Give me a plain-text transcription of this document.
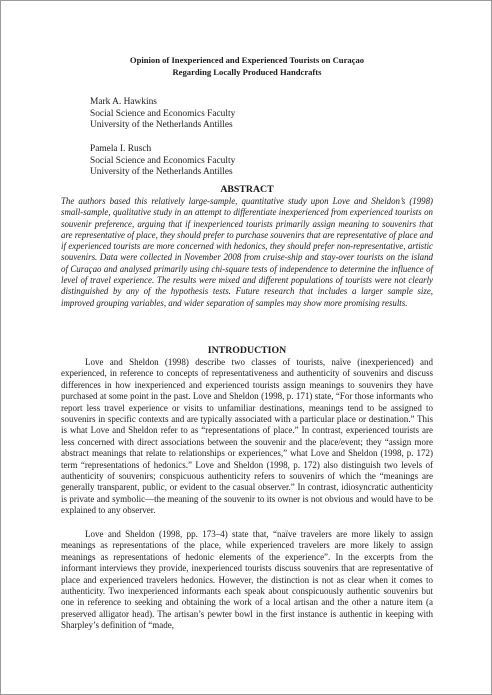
Opinion of Inexperienced and Experienced Tourists on Curaçao
Regarding Locally Produced Handcrafts
Mark A. Hawkins
Social Science and Economics Faculty
University of the Netherlands Antilles
Pamela I. Rusch
Social Science and Economics Faculty
University of the Netherlands Antilles
ABSTRACT
The authors based this relatively large-sample, quantitative study upon Love and Sheldon’s (1998) small-sample, qualitative study in an attempt to differentiate inexperienced from experienced tourists on souvenir preference, arguing that if inexperienced tourists primarily assign meaning to souvenirs that are representative of place, they should prefer to purchase souvenirs that are representative of place and if experienced tourists are more concerned with hedonics, they should prefer non-representative, artistic souvenirs. Data were collected in November 2008 from cruise-ship and stay-over tourists on the island of Curaçao and analysed primarily using chi-square tests of independence to determine the influence of level of travel experience. The results were mixed and different populations of tourists were not clearly distinguished by any of the hypothesis tests. Future research that includes a larger sample size, improved grouping variables, and wider separation of samples may show more promising results.
INTRODUCTION
Love and Sheldon (1998) describe two classes of tourists, naïve (inexperienced) and experienced, in reference to concepts of representativeness and authenticity of souvenirs and discuss differences in how inexperienced and experienced tourists assign meanings to souvenirs they have purchased at some point in the past. Love and Sheldon (1998, p. 171) state, “For those informants who report less travel experience or visits to unfamiliar destinations, meanings tend to be assigned to souvenirs in specific contexts and are typically associated with a particular place or destination.” This is what Love and Sheldon refer to as “representations of place.” In contrast, experienced tourists are less concerned with direct associations between the souvenir and the place/event; they “assign more abstract meanings that relate to relationships or experiences,” what Love and Sheldon (1998, p. 172) term “representations of hedonics.” Love and Sheldon (1998, p. 172) also distinguish two levels of authenticity of souvenirs; conspicuous authenticity refers to souvenirs of which the “meanings are generally transparent, public, or evident to the casual observer.” In contrast, idiosyncratic authenticity is private and symbolic—the meaning of the souvenir to its owner is not obvious and would have to be explained to any observer.
Love and Sheldon (1998, pp. 173–4) state that, “naïve travelers are more likely to assign meanings as representations of the place, while experienced travelers are more likely to assign meanings as representations of hedonic elements of the experience”. In the excerpts from the informant interviews they provide, inexperienced tourists discuss souvenirs that are representative of place and experienced travelers hedonics. However, the distinction is not as clear when it comes to authenticity. Two inexperienced informants each speak about conspicuously authentic souvenirs but one in reference to seeking and obtaining the work of a local artisan and the other a nature item (a preserved alligator head). The artisan’s pewter bowl in the first instance is authentic in keeping with Sharpley’s definition of “made,
